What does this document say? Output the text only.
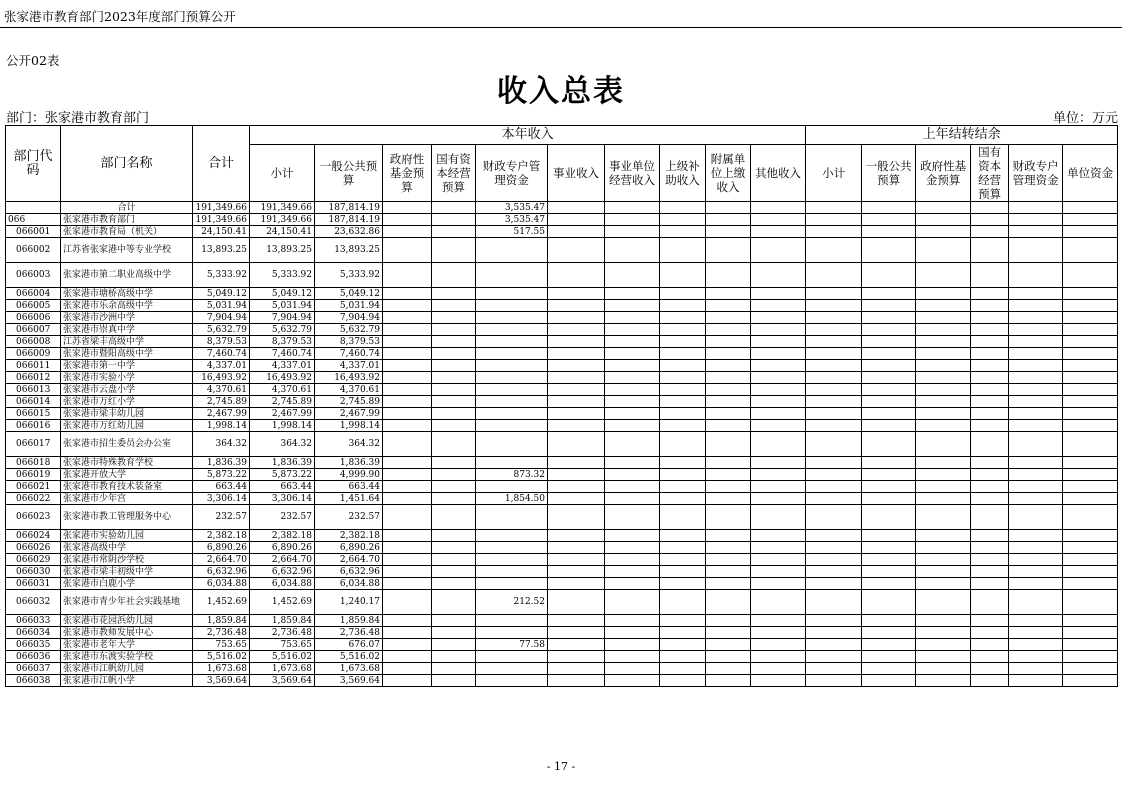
张家港市教育部门2023年度部门预算公开
公开02表
收入总表
部门：张家港市教育部门	单位：万元
部门代码	部门名称	合计	本年收入										上年结转结余					
			小计	一般公共预算	政府性基金预算	国有资本经营预算	财政专户管理资金	事业收入	事业单位经营收入	上级补助收入	附属单位上缴收入	其他收入	小计	一般公共预算	政府性基金预算	国有资本经营预算	财政专户管理资金	单位资金
	合计	191,349.66	191,349.66	187,814.19			3,535.47											
066	张家港市教育部门	191,349.66	191,349.66	187,814.19			3,535.47											
066001	张家港市教育局（机关）	24,150.41	24,150.41	23,632.86			517.55											
066002	江苏省张家港中等专业学校	13,893.25	13,893.25	13,893.25														
066003	张家港市第二职业高级中学	5,333.92	5,333.92	5,333.92														
066004	张家港市塘桥高级中学	5,049.12	5,049.12	5,049.12														
066005	张家港市乐余高级中学	5,031.94	5,031.94	5,031.94														
066006	张家港市沙洲中学	7,904.94	7,904.94	7,904.94														
066007	张家港市崇真中学	5,632.79	5,632.79	5,632.79														
066008	江苏省梁丰高级中学	8,379.53	8,379.53	8,379.53														
066009	张家港市暨阳高级中学	7,460.74	7,460.74	7,460.74														
066011	张家港市第一中学	4,337.01	4,337.01	4,337.01														
066012	张家港市实验小学	16,493.92	16,493.92	16,493.92														
066013	张家港市云盘小学	4,370.61	4,370.61	4,370.61														
066014	张家港市万红小学	2,745.89	2,745.89	2,745.89														
066015	张家港市梁丰幼儿园	2,467.99	2,467.99	2,467.99														
066016	张家港市万红幼儿园	1,998.14	1,998.14	1,998.14														
066017	张家港市招生委员会办公室	364.32	364.32	364.32														
066018	张家港市特殊教育学校	1,836.39	1,836.39	1,836.39														
066019	张家港开放大学	5,873.22	5,873.22	4,999.90			873.32											
066021	张家港市教育技术装备室	663.44	663.44	663.44														
066022	张家港市少年宫	3,306.14	3,306.14	1,451.64			1,854.50											
066023	张家港市教工管理服务中心	232.57	232.57	232.57														
066024	张家港市实验幼儿园	2,382.18	2,382.18	2,382.18														
066026	张家港高级中学	6,890.26	6,890.26	6,890.26														
066029	张家港市常阴沙学校	2,664.70	2,664.70	2,664.70														
066030	张家港市梁丰初级中学	6,632.96	6,632.96	6,632.96														
066031	张家港市白鹿小学	6,034.88	6,034.88	6,034.88														
066032	张家港市青少年社会实践基地	1,452.69	1,452.69	1,240.17			212.52											
066033	张家港市花园浜幼儿园	1,859.84	1,859.84	1,859.84														
066034	张家港市教师发展中心	2,736.48	2,736.48	2,736.48														
066035	张家港市老年大学	753.65	753.65	676.07			77.58											
066036	张家港市东渡实验学校	5,516.02	5,516.02	5,516.02														
066037	张家港市江帆幼儿园	1,673.68	1,673.68	1,673.68														
066038	张家港市江帆小学	3,569.64	3,569.64	3,569.64														
- 17 -
